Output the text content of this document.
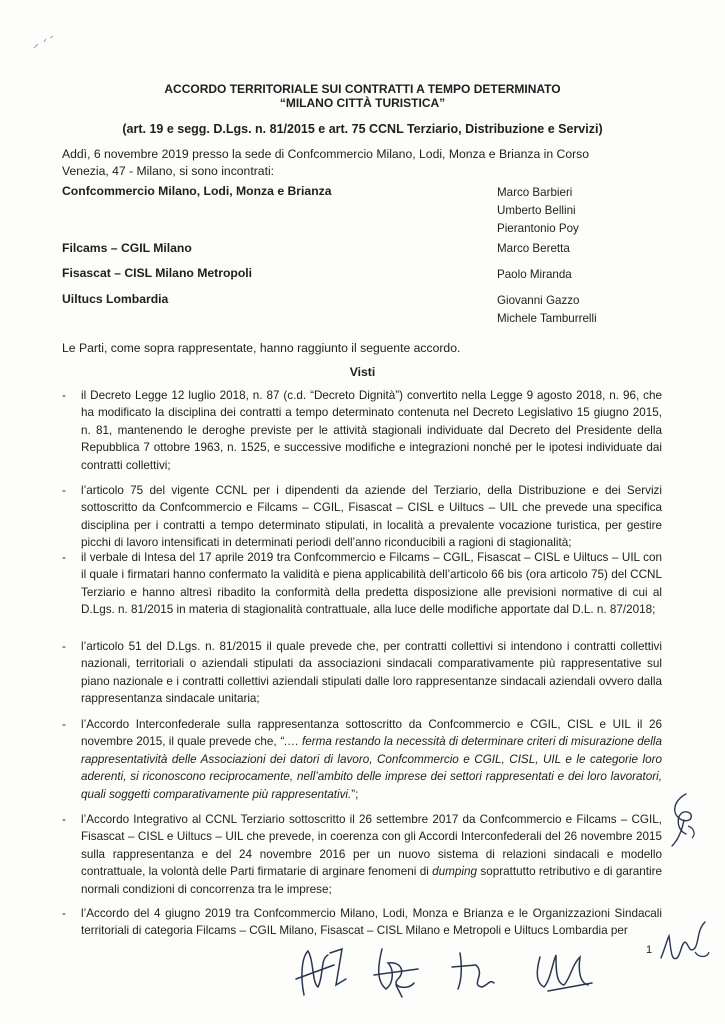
ACCORDO TERRITORIALE SUI CONTRATTI A TEMPO DETERMINATO
“MILANO CITTÀ TURISTICA”
(art. 19 e segg. D.Lgs. n. 81/2015 e art. 75 CCNL Terziario, Distribuzione e Servizi)
Addì, 6 novembre 2019 presso la sede di Confcommercio Milano, Lodi, Monza e Brianza in Corso Venezia, 47 - Milano, si sono incontrati:
Confcommercio Milano, Lodi, Monza e Brianza	Marco Barbieri
Umberto Bellini
Pierantonio Poy
Filcams – CGIL Milano	Marco Beretta
Fisascat – CISL Milano Metropoli	Paolo Miranda
Uiltucs Lombardia	Giovanni Gazzo
Michele Tamburrelli
Le Parti, come sopra rappresentate, hanno raggiunto il seguente accordo.
Visti
- il Decreto Legge 12 luglio 2018, n. 87 (c.d. “Decreto Dignità”) convertito nella Legge 9 agosto 2018, n. 96, che ha modificato la disciplina dei contratti a tempo determinato contenuta nel Decreto Legislativo 15 giugno 2015, n. 81, mantenendo le deroghe previste per le attività stagionali individuate dal Decreto del Presidente della Repubblica 7 ottobre 1963, n. 1525, e successive modifiche e integrazioni nonché per le ipotesi individuate dai contratti collettivi;
- l’articolo 75 del vigente CCNL per i dipendenti da aziende del Terziario, della Distribuzione e dei Servizi sottoscritto da Confcommercio e Filcams – CGIL, Fisascat – CISL e Uiltucs – UIL che prevede una specifica disciplina per i contratti a tempo determinato stipulati, in località a prevalente vocazione turistica, per gestire picchi di lavoro intensificati in determinati periodi dell’anno riconducibili a ragioni di stagionalità;
- il verbale di Intesa del 17 aprile 2019 tra Confcommercio e Filcams – CGIL, Fisascat – CISL e Uiltucs – UIL con il quale i firmatari hanno confermato la validità e piena applicabilità dell’articolo 66 bis (ora articolo 75) del CCNL Terziario e hanno altresì ribadito la conformità della predetta disposizione alle previsioni normative di cui al D.Lgs. n. 81/2015 in materia di stagionalità contrattuale, alla luce delle modifiche apportate dal D.L. n. 87/2018;
- l’articolo 51 del D.Lgs. n. 81/2015 il quale prevede che, per contratti collettivi si intendono i contratti collettivi nazionali, territoriali o aziendali stipulati da associazioni sindacali comparativamente più rappresentative sul piano nazionale e i contratti collettivi aziendali stipulati dalle loro rappresentanze sindacali aziendali ovvero dalla rappresentanza sindacale unitaria;
- l’Accordo Interconfederale sulla rappresentanza sottoscritto da Confcommercio e CGIL, CISL e UIL il 26 novembre 2015, il quale prevede che, “…. ferma restando la necessità di determinare criteri di misurazione della rappresentatività delle Associazioni dei datori di lavoro, Confcommercio e CGIL, CISL, UIL e le categorie loro aderenti, si riconoscono reciprocamente, nell’ambito delle imprese dei settori rappresentati e dei loro lavoratori, quali soggetti comparativamente più rappresentativi.”;
- l’Accordo Integrativo al CCNL Terziario sottoscritto il 26 settembre 2017 da Confcommercio e Filcams – CGIL, Fisascat – CISL e Uiltucs – UIL che prevede, in coerenza con gli Accordi Interconfederali del 26 novembre 2015 sulla rappresentanza e del 24 novembre 2016 per un nuovo sistema di relazioni sindacali e modello contrattuale, la volontà delle Parti firmatarie di arginare fenomeni di dumping soprattutto retributivo e di garantire normali condizioni di concorrenza tra le imprese;
- l’Accordo del 4 giugno 2019 tra Confcommercio Milano, Lodi, Monza e Brianza e le Organizzazioni Sindacali territoriali di categoria Filcams – CGIL Milano, Fisascat – CISL Milano e Metropoli e Uiltucs Lombardia per
1
